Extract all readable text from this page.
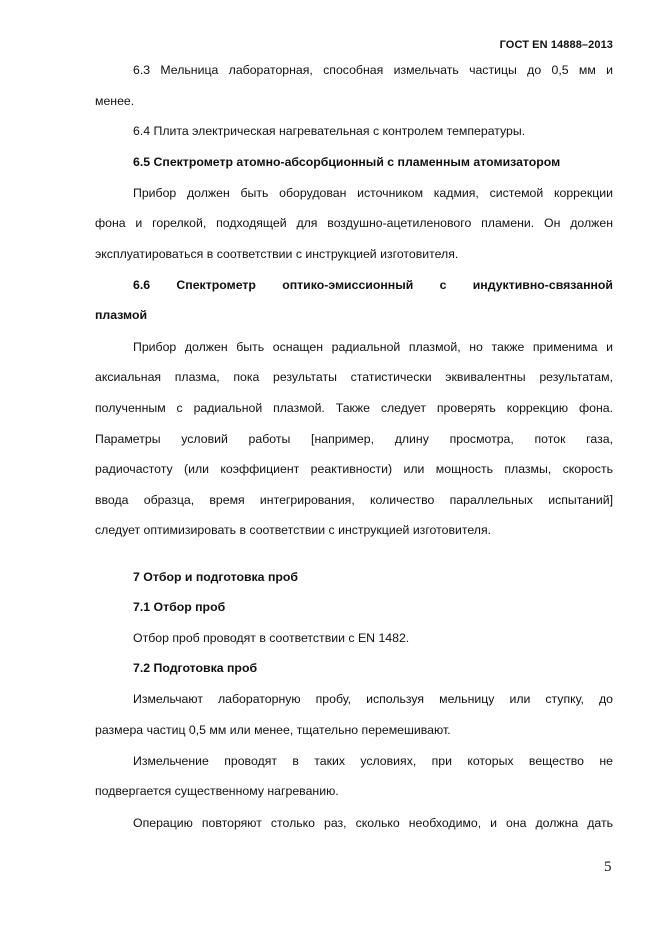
ГОСТ EN 14888–2013
6.3 Мельница лабораторная, способная измельчать частицы до 0,5 мм и
менее.
6.4 Плита электрическая нагревательная с контролем температуры.
6.5 Спектрометр атомно-абсорбционный с пламенным атомизатором
Прибор должен быть оборудован источником кадмия, системой коррекции
фона и горелкой, подходящей для воздушно-ацетиленового пламени. Он должен
эксплуатироваться в соответствии с инструкцией изготовителя.
6.6 Спектрометр оптико-эмиссионный с индуктивно-связанной
плазмой
Прибор должен быть оснащен радиальной плазмой, но также применима и
аксиальная плазма, пока результаты статистически эквивалентны результатам,
полученным с радиальной плазмой. Также следует проверять коррекцию фона.
Параметры условий работы [например, длину просмотра, поток газа,
радиочастоту (или коэффициент реактивности) или мощность плазмы, скорость
ввода образца, время интегрирования, количество параллельных испытаний]
следует оптимизировать в соответствии с инструкцией изготовителя.
7 Отбор и подготовка проб
7.1 Отбор проб
Отбор проб проводят в соответствии с EN 1482.
7.2 Подготовка проб
Измельчают лабораторную пробу, используя мельницу или ступку, до
размера частиц 0,5 мм или менее, тщательно перемешивают.
Измельчение проводят в таких условиях, при которых вещество не
подвергается существенному нагреванию.
Операцию повторяют столько раз, сколько необходимо, и она должна дать
5
